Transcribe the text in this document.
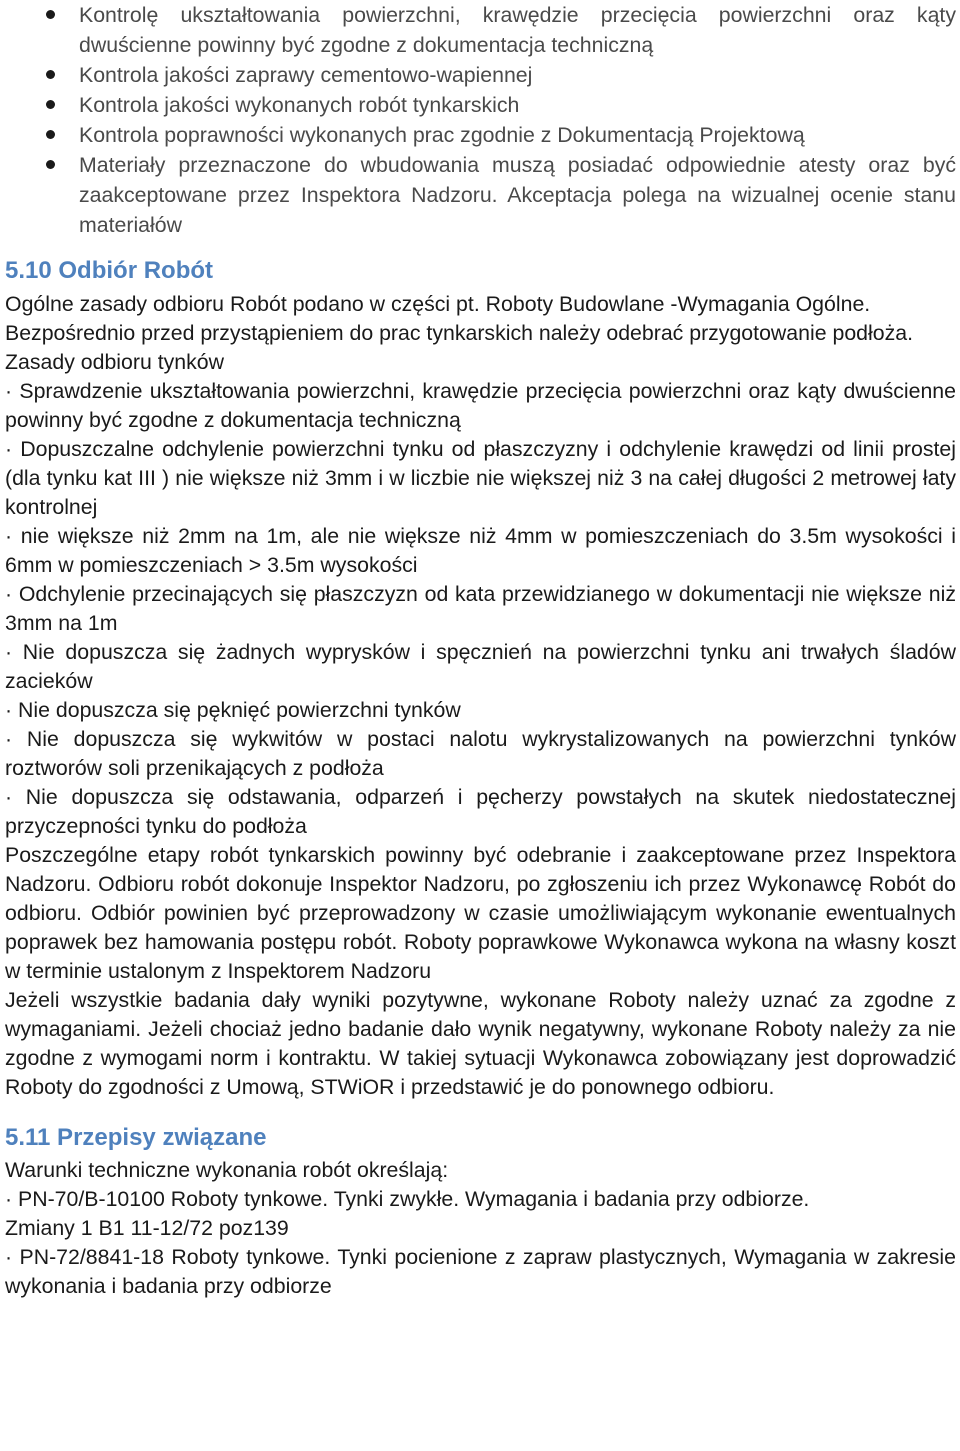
Kontrolę ukształtowania powierzchni, krawędzie przecięcia powierzchni oraz kąty dwuścienne powinny być zgodne z dokumentacja techniczną
Kontrola jakości zaprawy cementowo-wapiennej
Kontrola jakości wykonanych robót tynkarskich
Kontrola poprawności wykonanych prac zgodnie z Dokumentacją Projektową
Materiały przeznaczone do wbudowania muszą posiadać odpowiednie atesty oraz być zaakceptowane przez Inspektora Nadzoru. Akceptacja polega na wizualnej ocenie stanu materiałów
5.10 Odbiór Robót

Ogólne zasady odbioru Robót podano w części pt. Roboty Budowlane -Wymagania Ogólne.

Bezpośrednio przed przystąpieniem do prac tynkarskich należy odebrać przygotowanie podłoża.

Zasady odbioru tynków

· Sprawdzenie ukształtowania powierzchni, krawędzie przecięcia powierzchni oraz kąty dwuścienne powinny być zgodne z dokumentacja techniczną

· Dopuszczalne odchylenie powierzchni tynku od płaszczyzny i odchylenie krawędzi od linii prostej (dla tynku kat III ) nie większe niż 3mm i w liczbie nie większej niż 3 na całej długości 2 metrowej łaty kontrolnej

· nie większe niż 2mm na 1m, ale nie większe niż 4mm w pomieszczeniach do 3.5m wysokości i 6mm w pomieszczeniach > 3.5m wysokości

· Odchylenie przecinających się płaszczyzn od kata przewidzianego w dokumentacji nie większe niż 3mm na 1m

· Nie dopuszcza się żadnych wyprysków i spęcznień na powierzchni tynku ani trwałych śladów zacieków

· Nie dopuszcza się pęknięć powierzchni tynków

· Nie dopuszcza się wykwitów w postaci nalotu wykrystalizowanych na powierzchni tynków roztworów soli przenikających z podłoża

· Nie dopuszcza się odstawania, odparzeń i pęcherzy powstałych na skutek niedostatecznej przyczepności tynku do podłoża

Poszczególne etapy robót tynkarskich powinny być odebranie i zaakceptowane przez Inspektora Nadzoru. Odbioru robót dokonuje Inspektor Nadzoru, po zgłoszeniu ich przez Wykonawcę Robót do odbioru. Odbiór powinien być przeprowadzony w czasie umożliwiającym wykonanie ewentualnych poprawek bez hamowania postępu robót. Roboty poprawkowe Wykonawca wykona na własny koszt w terminie ustalonym z Inspektorem Nadzoru

Jeżeli wszystkie badania dały wyniki pozytywne, wykonane Roboty należy uznać za zgodne z wymaganiami. Jeżeli chociaż jedno badanie dało wynik negatywny, wykonane Roboty należy za nie zgodne z wymogami norm i kontraktu. W takiej sytuacji Wykonawca zobowiązany jest doprowadzić Roboty do zgodności z Umową, STWiOR i przedstawić je do ponownego odbioru.

5.11 Przepisy związane

Warunki techniczne wykonania robót określają:

· PN-70/B-10100 Roboty tynkowe. Tynki zwykłe. Wymagania i badania przy odbiorze.

Zmiany 1 B1 11-12/72 poz139

· PN-72/8841-18 Roboty tynkowe. Tynki pocienione z zapraw plastycznych, Wymagania w zakresie wykonania i badania przy odbiorze
